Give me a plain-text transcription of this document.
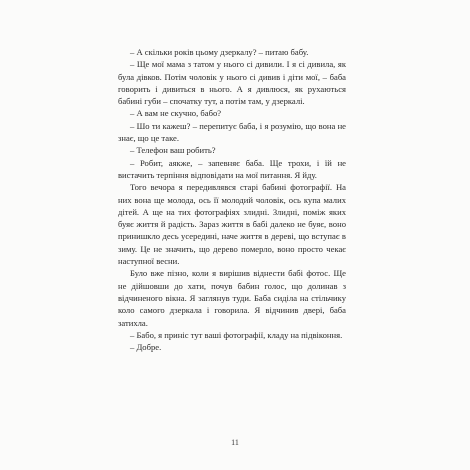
– А скільки років цьому дзеркалу? – питаю бабу.

– Ще мої мама з татом у нього сі дивили. І я сі дивила, як була дівков. Потім чоловік у нього сі дивив і діти мої, – баба говорить і дивиться в нього. А я дивлюся, як рухаються бабині губи – спочатку тут, а потім там, у дзеркалі.

– А вам не скучно, бабо?

– Шо ти кажеш? – перепитує баба, і я розумію, що вона не знає, що це таке.

– Телефон ваш робить?

– Робит, аякже, – запевняє баба. Ще трохи, і їй не вистачить терпіння відповідати на мої питання. Я йду.

Того вечора я передивлявся старі бабині фотографії. На них вона ще молода, ось її молодий чоловік, ось купа малих дітей. А ще на тих фотографіях злидні. Злидні, поміж яких буяє життя й радість. Зараз життя в бабі далеко не буяє, воно принишкло десь усередині, наче життя в дереві, що вступає в зиму. Це не значить, що дерево померло, воно просто чекає наступної весни.

Було вже пізно, коли я вирішив віднести бабі фотос. Ще не дійшовши до хати, почув бабин голос, що долинав з відчиненого вікна. Я заглянув туди. Баба сиділа на стільчику коло самого дзеркала і говорила. Я відчинив двері, баба затихла.

– Бабо, я приніс тут ваші фотографії, кладу на підвіконня.

– Добре.

11
